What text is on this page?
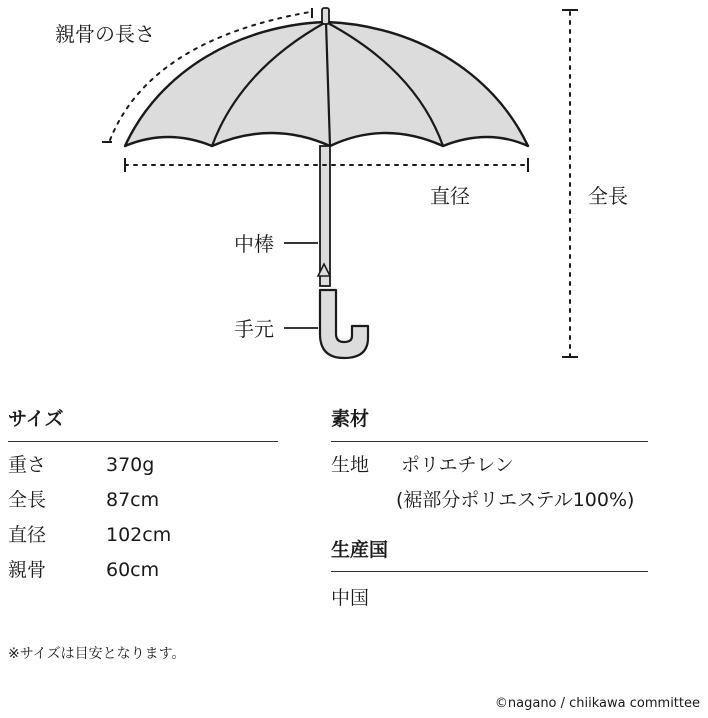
親骨の長さ
直径	全長
中棒
手元
サイズ
重さ	370g
全長	87cm
直径	102cm
親骨	60cm
素材
生地 ポリエチレン
(裾部分ポリエステル100%)
生産国
中国
※サイズは目安となります。
©nagano / chiikawa committee
